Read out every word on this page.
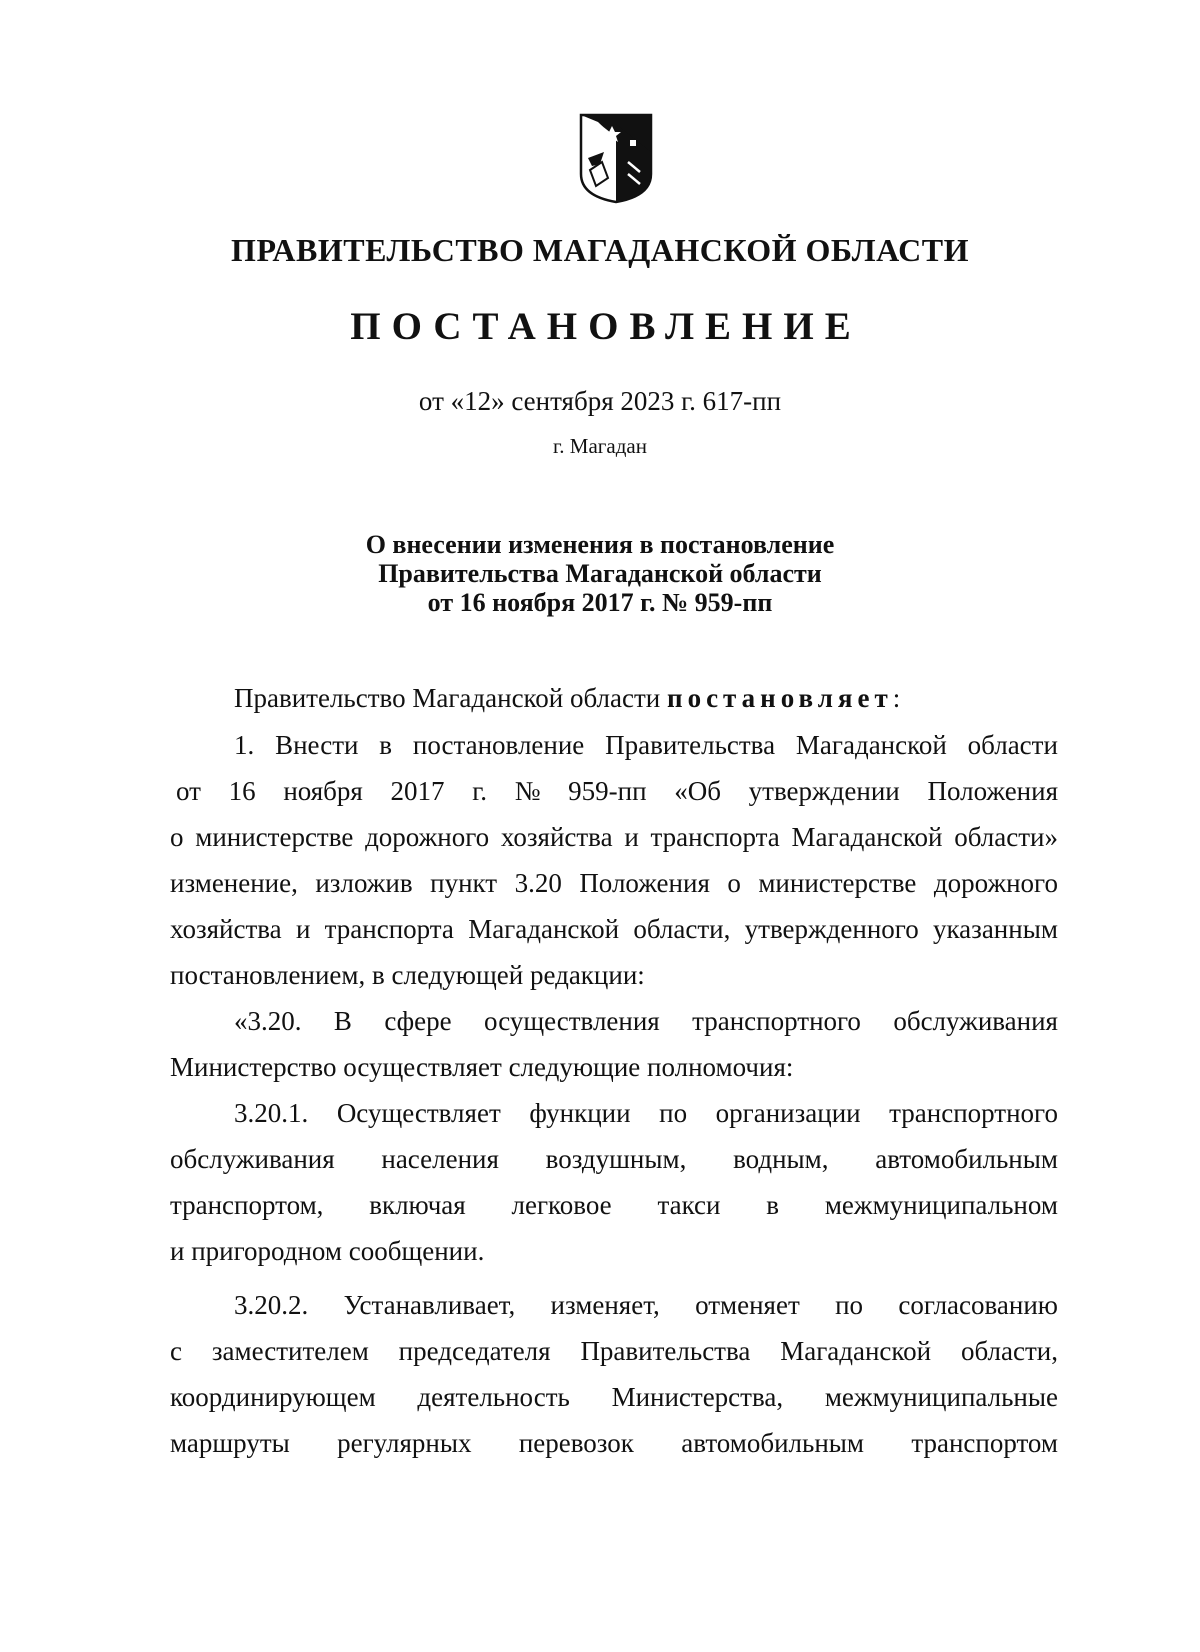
ПРАВИТЕЛЬСТВО МАГАДАНСКОЙ ОБЛАСТИ
ПОСТАНОВЛЕНИЕ
от «12» сентября 2023 г. 617-пп
г. Магадан
О внесении изменения в постановление
Правительства Магаданской области
от 16 ноября 2017 г. № 959-пп
Правительство Магаданской области постановляет:
1. Внести в постановление Правительства Магаданской области
от 16 ноября 2017 г. № 959-пп «Об утверждении Положения
о министерстве дорожного хозяйства и транспорта Магаданской области»
изменение, изложив пункт 3.20 Положения о министерстве дорожного
хозяйства и транспорта Магаданской области, утвержденного указанным
постановлением, в следующей редакции:
«3.20. В сфере осуществления транспортного обслуживания
Министерство осуществляет следующие полномочия:
3.20.1. Осуществляет функции по организации транспортного
обслуживания населения воздушным, водным, автомобильным
транспортом, включая легковое такси в межмуниципальном
и пригородном сообщении.
3.20.2. Устанавливает, изменяет, отменяет по согласованию
с заместителем председателя Правительства Магаданской области,
координирующем деятельность Министерства, межмуниципальные
маршруты регулярных перевозок автомобильным транспортом
